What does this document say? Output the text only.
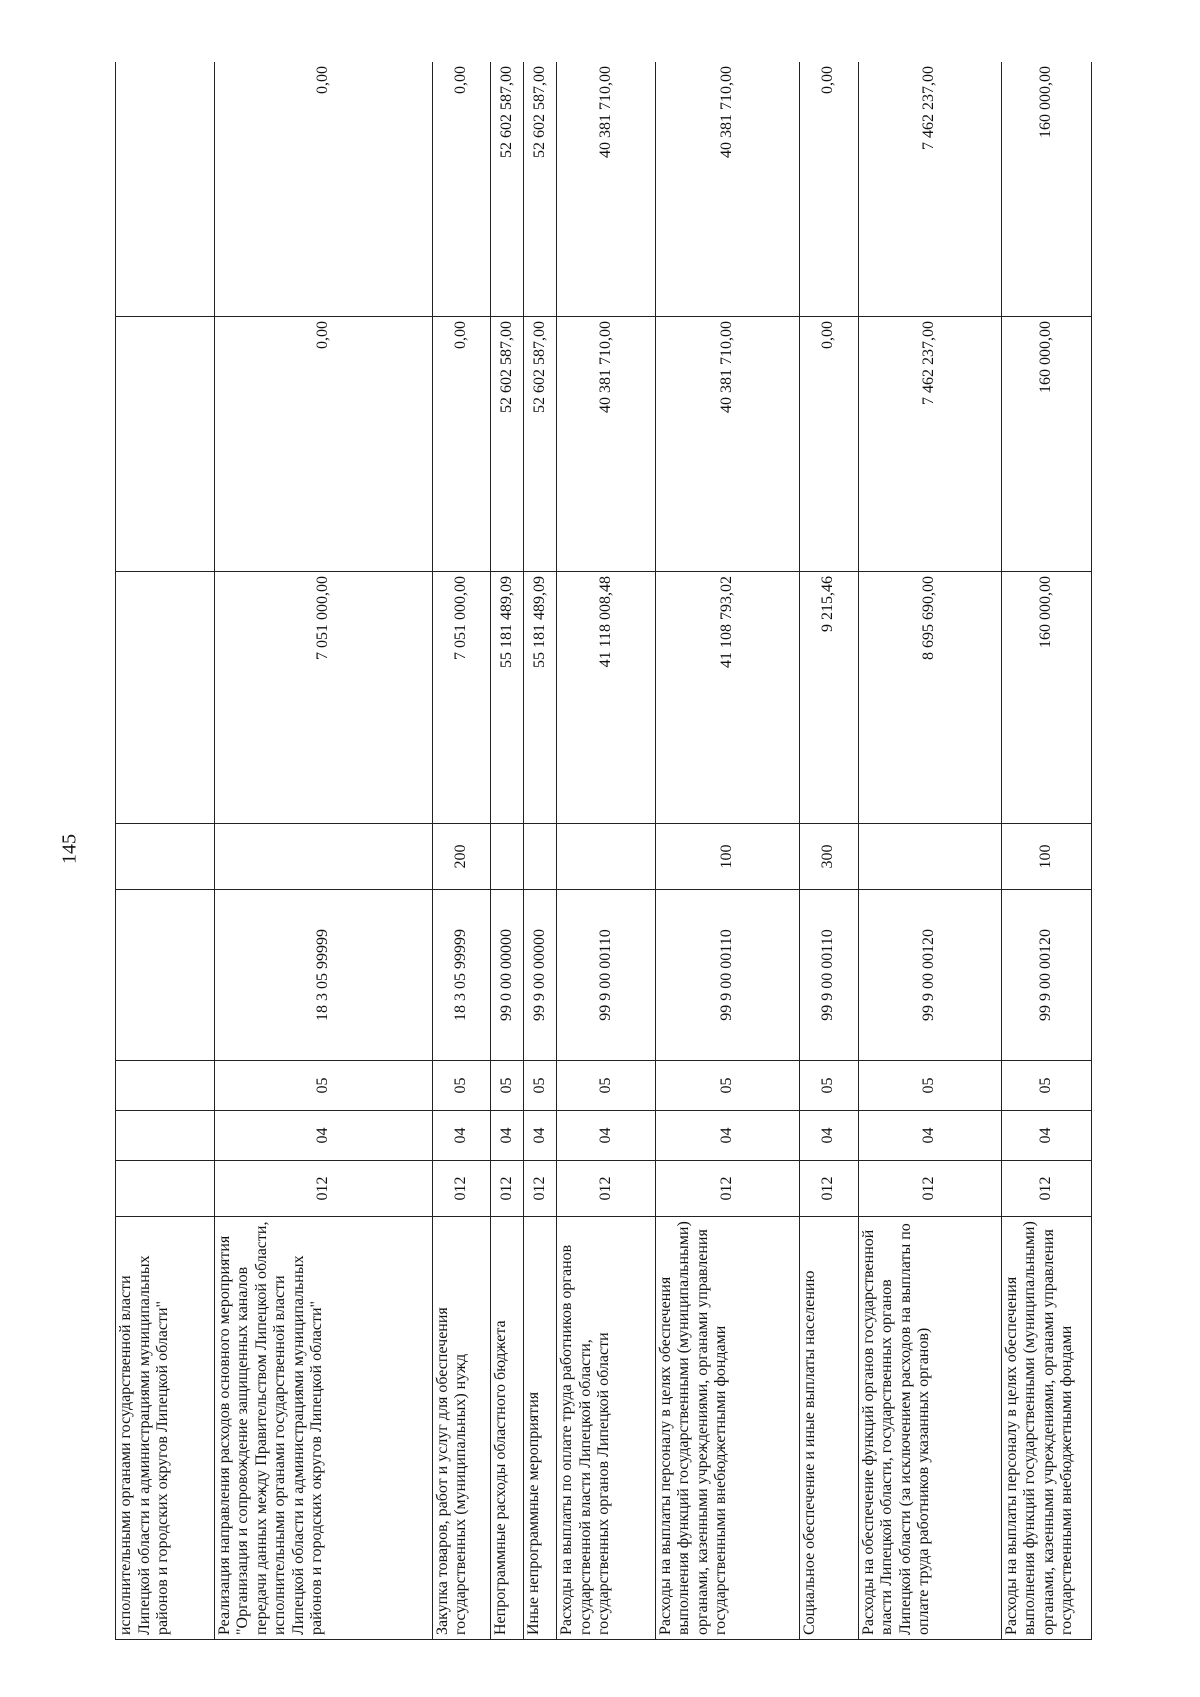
145
исполнительными органами государственной власти Липецкой области и администрациями муниципальных районов и городских округов Липецкой области"								
Реализация направления расходов основного мероприятия "Организация и сопровождение защищенных каналов передачи данных между Правительством Липецкой области, исполнительными органами государственной власти Липецкой области и администрациями муниципальных районов и городских округов Липецкой области"	012	04	05	18 3 05 99999		7 051 000,00	0,00	0,00
Закупка товаров, работ и услуг для обеспечения государственных (муниципальных) нужд	012	04	05	18 3 05 99999	200	7 051 000,00	0,00	0,00
Непрограммные расходы областного бюджета	012	04	05	99 0 00 00000		55 181 489,09	52 602 587,00	52 602 587,00
Иные непрограммные мероприятия	012	04	05	99 9 00 00000		55 181 489,09	52 602 587,00	52 602 587,00
Расходы на выплаты по оплате труда работников органов государственной власти Липецкой области, государственных органов Липецкой области	012	04	05	99 9 00 00110		41 118 008,48	40 381 710,00	40 381 710,00
Расходы на выплаты персоналу в целях обеспечения выполнения функций государственными (муниципальными) органами, казенными учреждениями, органами управления государственными внебюджетными фондами	012	04	05	99 9 00 00110	100	41 108 793,02	40 381 710,00	40 381 710,00
Социальное обеспечение и иные выплаты населению	012	04	05	99 9 00 00110	300	9 215,46	0,00	0,00
Расходы на обеспечение функций органов государственной власти Липецкой области, государственных органов Липецкой области (за исключением расходов на выплаты по оплате труда работников указанных органов)	012	04	05	99 9 00 00120		8 695 690,00	7 462 237,00	7 462 237,00
Расходы на выплаты персоналу в целях обеспечения выполнения функций государственными (муниципальными) органами, казенными учреждениями, органами управления государственными внебюджетными фондами	012	04	05	99 9 00 00120	100	160 000,00	160 000,00	160 000,00
